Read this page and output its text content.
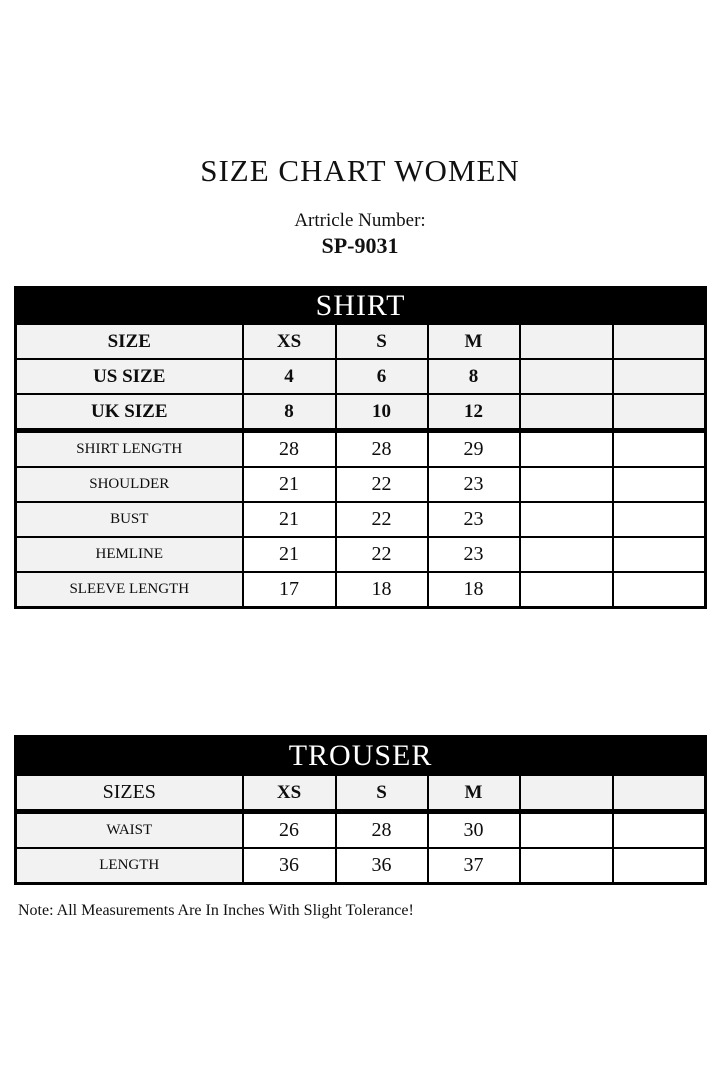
SIZE CHART WOMEN
Artricle Number:
SP-9031
SHIRT					
SIZE	XS	S	M		
US SIZE	4	6	8		
UK SIZE	8	10	12		
SHIRT LENGTH	28	28	29		
SHOULDER	21	22	23		
BUST	21	22	23		
HEMLINE	21	22	23		
SLEEVE LENGTH	17	18	18		
TROUSER					
SIZES	XS	S	M		
WAIST	26	28	30		
LENGTH	36	36	37		
Note: All Measurements Are In Inches With Slight Tolerance!
